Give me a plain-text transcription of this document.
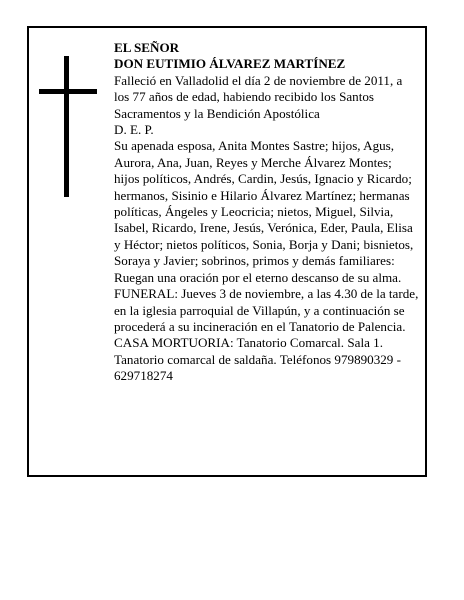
EL SEÑOR

DON EUTIMIO ÁLVAREZ MARTÍNEZ

Falleció en Valladolid el día 2 de noviembre de 2011, a los 77 años de edad, habiendo recibido los Santos Sacramentos y la Bendición Apostólica

D. E. P.

Su apenada esposa, Anita Montes Sastre; hijos, Agus, Aurora, Ana, Juan, Reyes y Merche Álvarez Montes; hijos políticos, Andrés, Cardin, Jesús, Ignacio y Ricardo; hermanos, Sisinio e Hilario Álvarez Martínez; hermanas políticas, Ángeles y Leocricia; nietos, Miguel, Silvia, Isabel, Ricardo, Irene, Jesús, Verónica, Eder, Paula, Elisa y Héctor; nietos políticos, Sonia, Borja y Dani; bisnietos, Soraya y Javier; sobrinos, primos y demás familiares:

Ruegan una oración por el eterno descanso de su alma.

FUNERAL: Jueves 3 de noviembre, a las 4.30 de la tarde, en la iglesia parroquial de Villapún, y a continuación se procederá a su incineración en el Tanatorio de Palencia.

CASA MORTUORIA: Tanatorio Comarcal. Sala 1. Tanatorio comarcal de saldaña. Teléfonos 979890329 - 629718274
